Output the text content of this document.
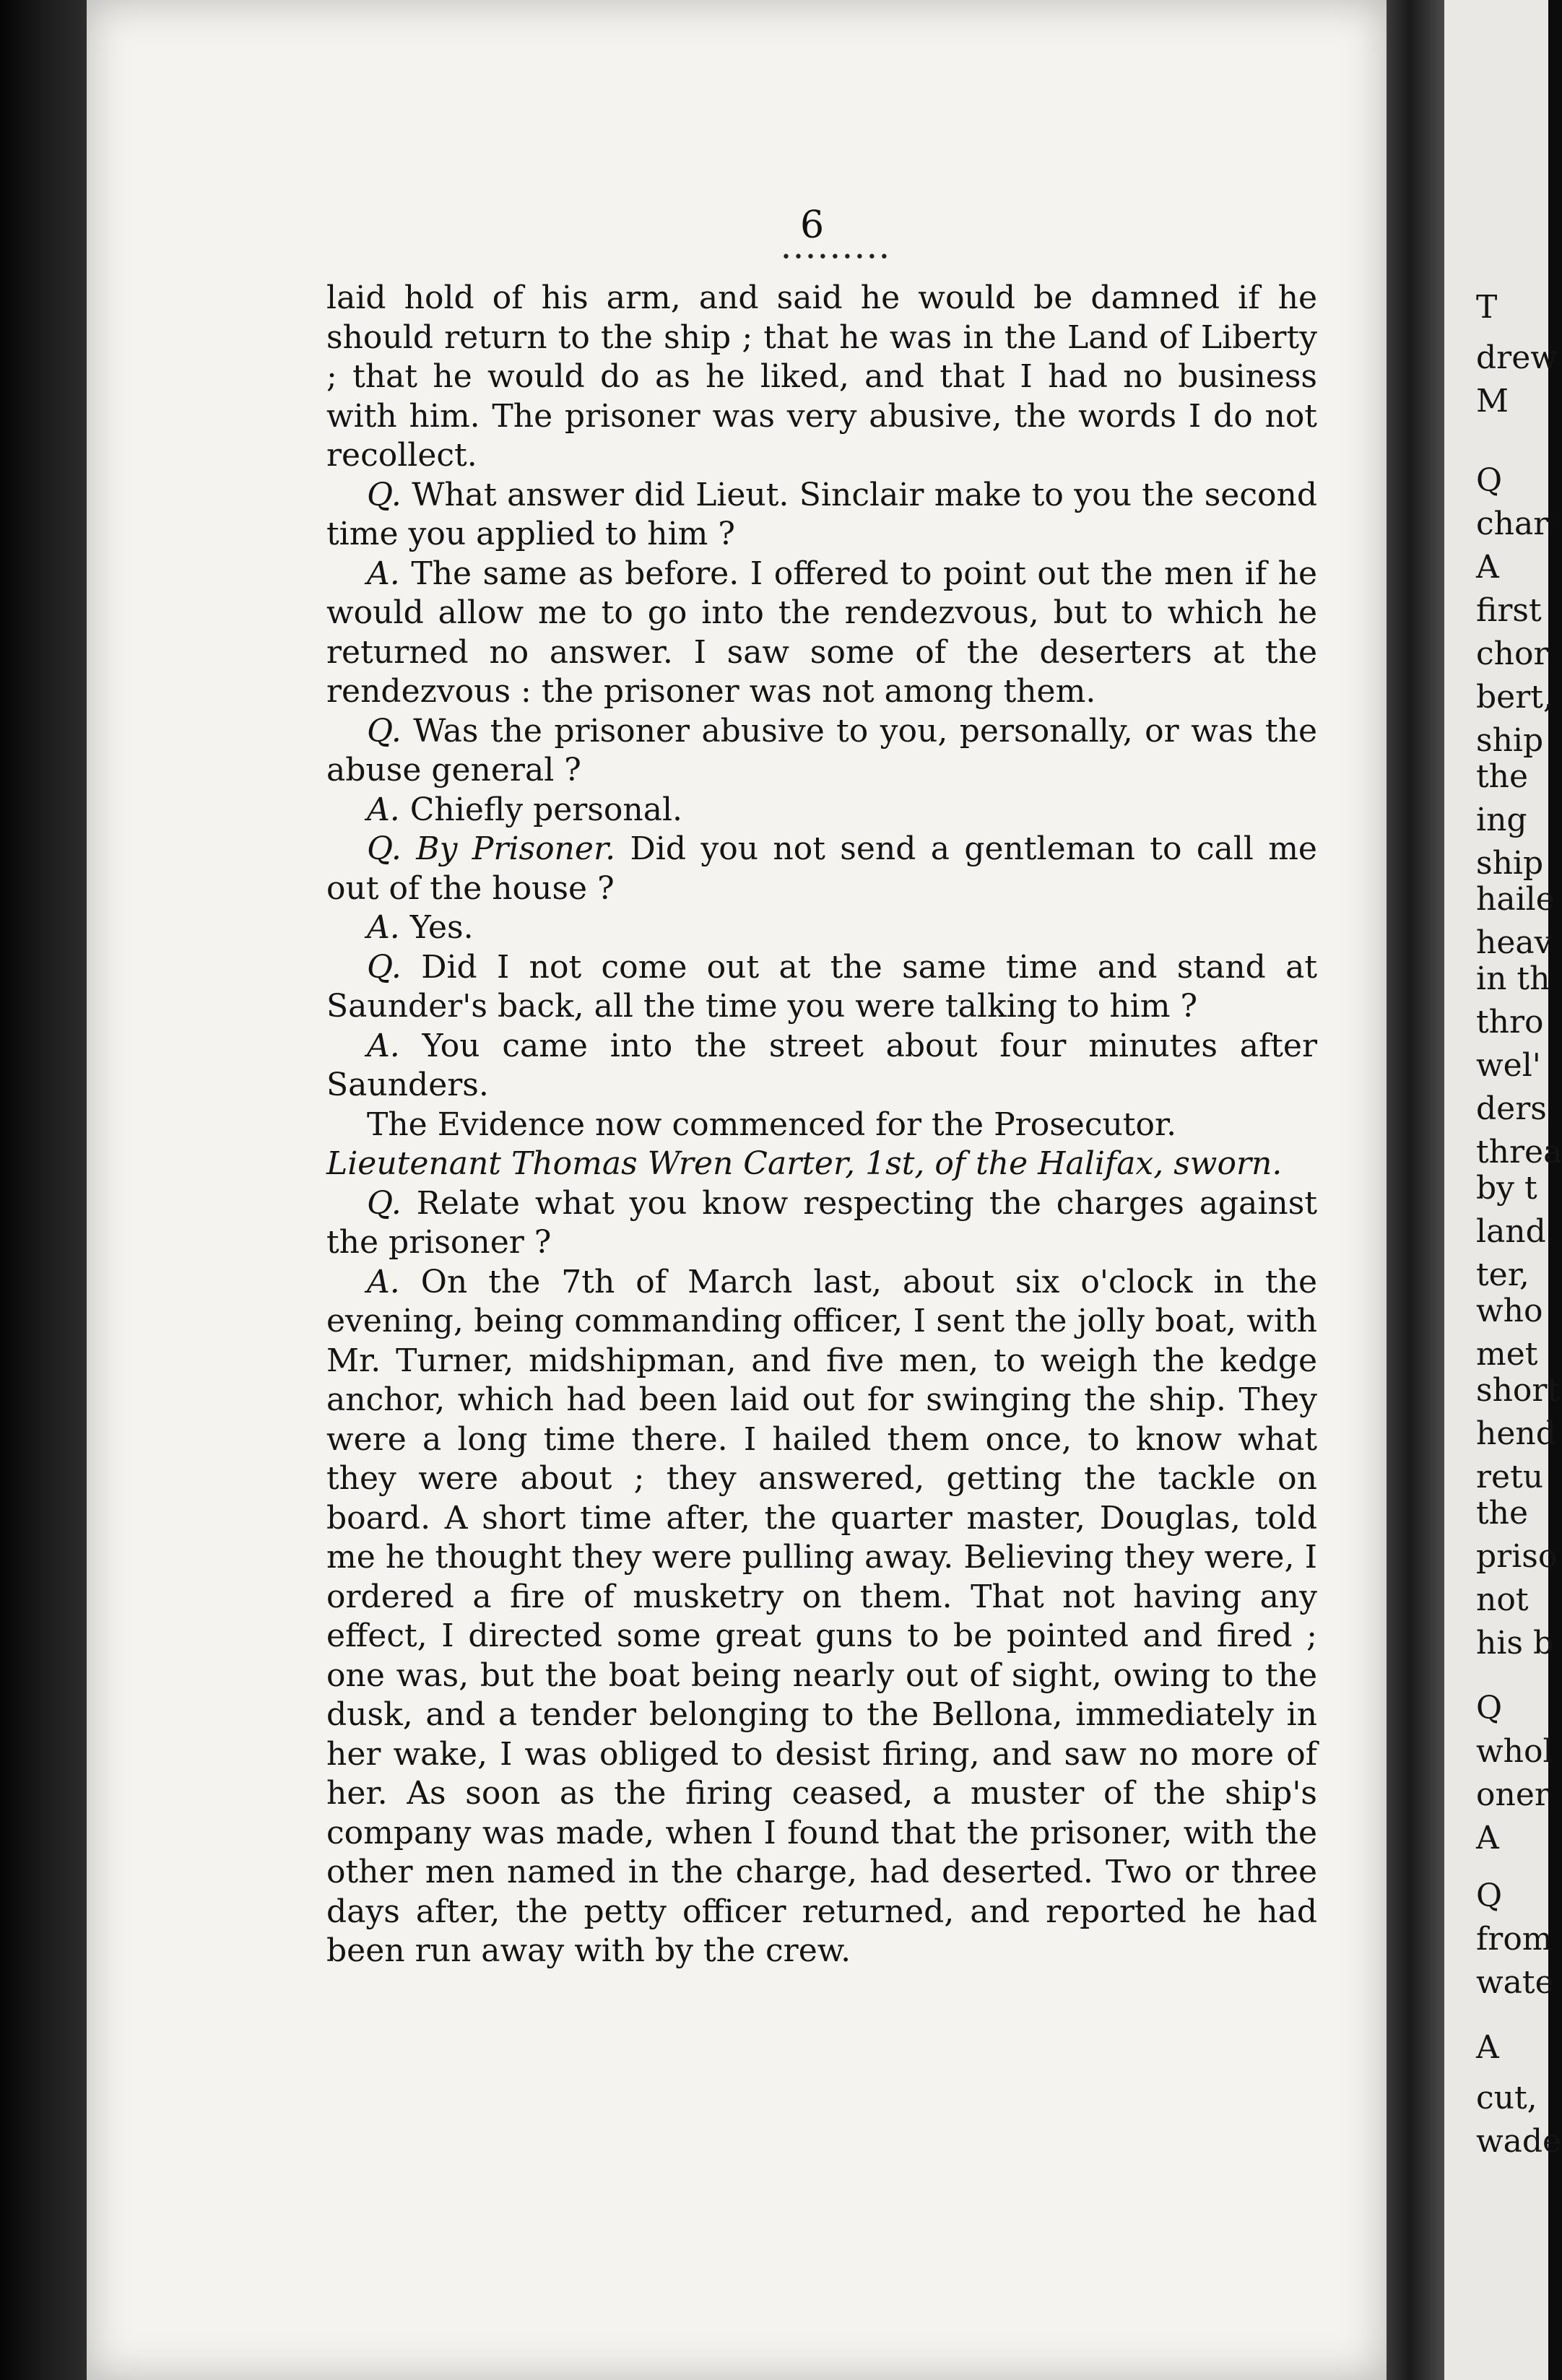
6
•••••••••

laid hold of his arm, and said he would be damned if he should return to the ship ; that he was in the Land of Liberty ; that he would do as he liked, and that I had no business with him. The prisoner was very abusive, the words I do not recollect.

Q. What answer did Lieut. Sinclair make to you the second time you applied to him ?

A. The same as before. I offered to point out the men if he would allow me to go into the rendezvous, but to which he returned no answer. I saw some of the deserters at the rendezvous : the prisoner was not among them.

Q. Was the prisoner abusive to you, personally, or was the abuse general ?

A. Chiefly personal.

Q. By Prisoner. Did you not send a gentleman to call me out of the house ?

A. Yes.

Q. Did I not come out at the same time and stand at Saunder's back, all the time you were talking to him ?

A. You came into the street about four minutes after Saunders.

The Evidence now commenced for the Prosecutor.

Lieutenant Thomas Wren Carter, 1st, of the Halifax, sworn.

Q. Relate what you know respecting the charges against the prisoner ?

A. On the 7th of March last, about six o'clock in the evening, being commanding officer, I sent the jolly boat, with Mr. Turner, midshipman, and five men, to weigh the kedge anchor, which had been laid out for swinging the ship. They were a long time there. I hailed them once, to know what they were about ; they answered, getting the tackle on board. A short time after, the quarter master, Douglas, told me he thought they were pulling away. Believing they were, I ordered a fire of musketry on them. That not having any effect, I directed some great guns to be pointed and fired ; one was, but the boat being nearly out of sight, owing to the dusk, and a tender belonging to the Bellona, immediately in her wake, I was obliged to desist firing, and saw no more of her. As soon as the firing ceased, a muster of the ship's company was made, when I found that the prisoner, with the other men named in the charge, had deserted. Two or three days after, the petty officer returned, and reported he had been run away with by the crew.

T
drew
M
Q
char
A
first
chor
bert,
ship
the
ing
ship
haile
heav
in th
thro
wel'
ders
threa
by t
land
ter,
who
met
short
hend
retu
the
priso
not
his b
Q
whol
oner
A
Q
from
wate
A
cut,
wade
